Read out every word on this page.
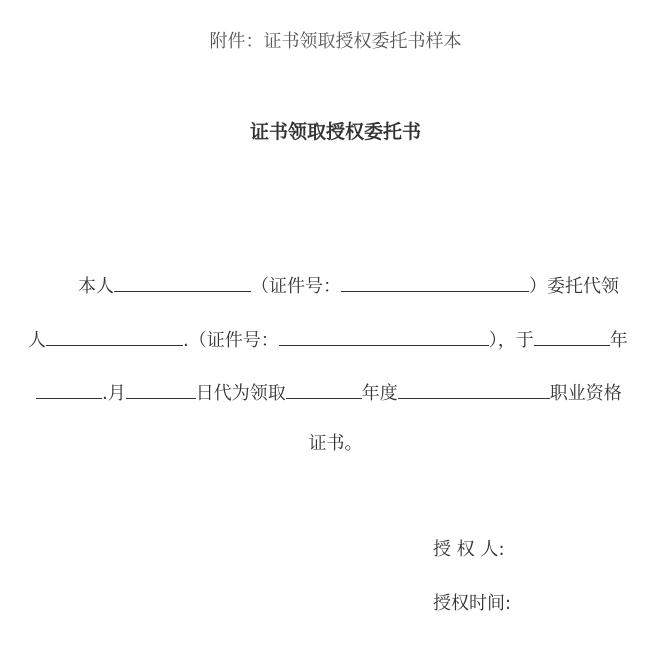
附件：证书领取授权委托书样本
证书领取授权委托书
本人	（证件号：	）委托代领
人	.（证件号：	），于	年
.月	日代为领取	年度	职业资格
证书。
授 权 人:
授权时间:
